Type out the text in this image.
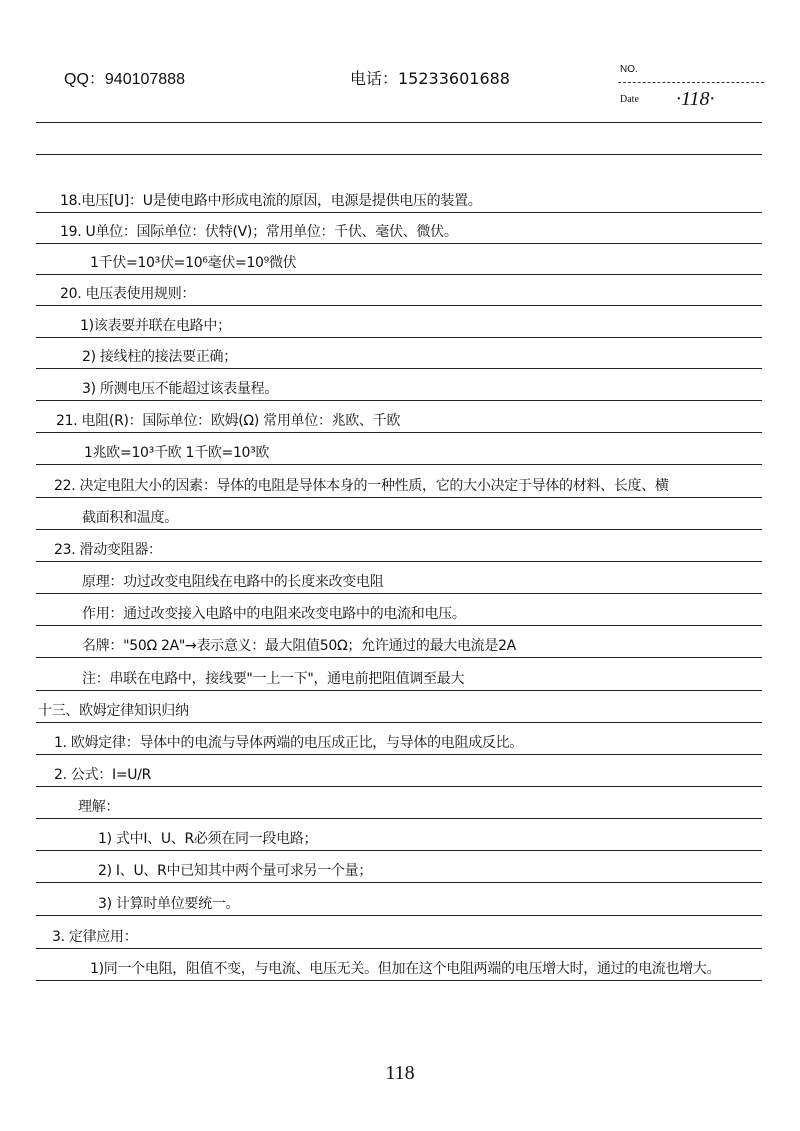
QQ：940107888	电话：15233601688	NO.
Date ·118·
18.电压[U]：U是使电路中形成电流的原因，电源是提供电压的装置。
19. U单位：国际单位：伏特(V)；常用单位：千伏、毫伏、微伏。
1千伏=10³伏=10⁶毫伏=10⁹微伏
20. 电压表使用规则：
1)该表要并联在电路中；
2) 接线柱的接法要正确；
3) 所测电压不能超过该表量程。
21. 电阻(R)：国际单位：欧姆(Ω) 常用单位：兆欧、千欧
1兆欧=10³千欧 1千欧=10³欧
22. 决定电阻大小的因素：导体的电阻是导体本身的一种性质，它的大小决定于导体的材料、长度、横
截面积和温度。
23. 滑动变阻器：
原理：功过改变电阻线在电路中的长度来改变电阻
作用：通过改变接入电路中的电阻来改变电路中的电流和电压。
名牌："50Ω 2A"→表示意义：最大阻值50Ω；允许通过的最大电流是2A
注：串联在电路中，接线要"一上一下"，通电前把阻值调至最大
十三、欧姆定律知识归纳
1. 欧姆定律：导体中的电流与导体两端的电压成正比，与导体的电阻成反比。
2. 公式：I=U/R
理解：
1) 式中I、U、R必须在同一段电路；
2) I、U、R中已知其中两个量可求另一个量；
3) 计算时单位要统一。
3. 定律应用：
1)同一个电阻，阻值不变，与电流、电压无关。但加在这个电阻两端的电压增大时，通过的电流也增大。
118
